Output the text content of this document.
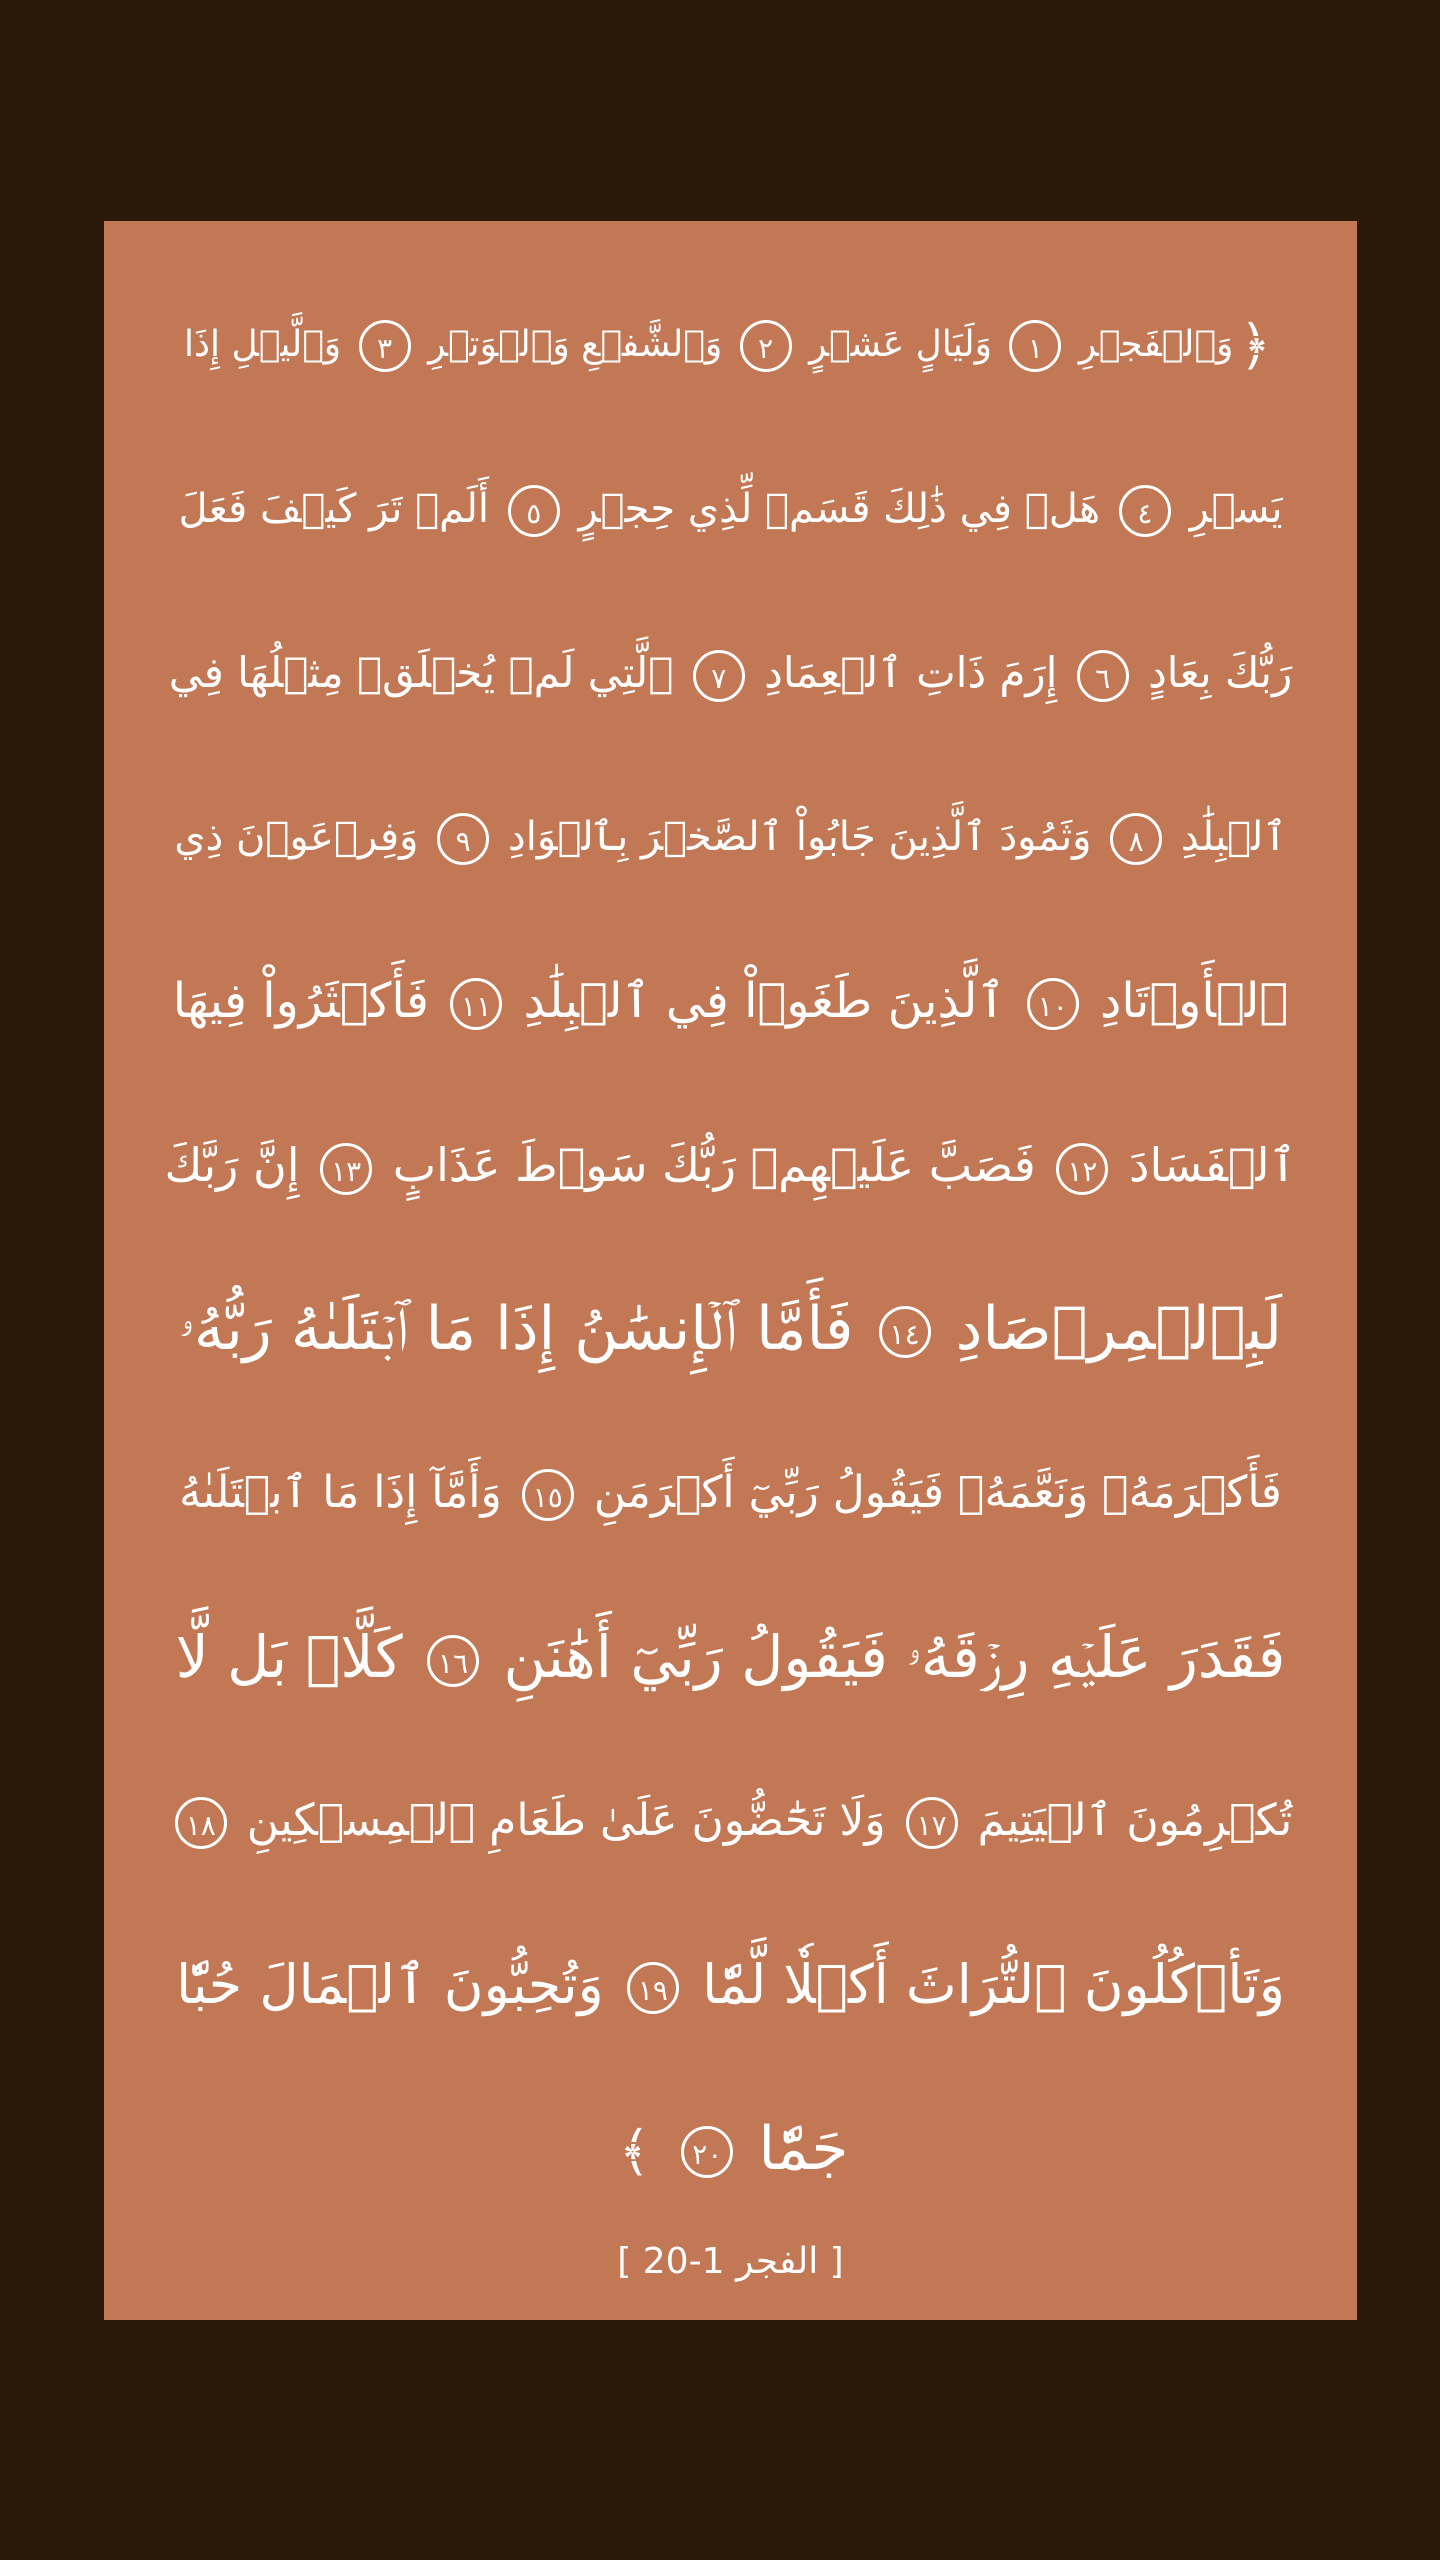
﴿وَٱلۡفَجۡرِ ١ وَلَيَالٍ عَشۡرٍ ٢ وَٱلشَّفۡعِ وَٱلۡوَتۡرِ ٣ وَٱلَّيۡلِ إِذَا
يَسۡرِ ٤ هَلۡ فِي ذَٰلِكَ قَسَمٞ لِّذِي حِجۡرٍ ٥ أَلَمۡ تَرَ كَيۡفَ فَعَلَ
رَبُّكَ بِعَادٍ ٦ إِرَمَ ذَاتِ ٱلۡعِمَادِ ٧ ٱلَّتِي لَمۡ يُخۡلَقۡ مِثۡلُهَا فِي
ٱلۡبِلَٰدِ ٨ وَثَمُودَ ٱلَّذِينَ جَابُواْ ٱلصَّخۡرَ بِٱلۡوَادِ ٩ وَفِرۡعَوۡنَ ذِي
ٱلۡأَوۡتَادِ ١٠ ٱلَّذِينَ طَغَوۡاْ فِي ٱلۡبِلَٰدِ ١١ فَأَكۡثَرُواْ فِيهَا
ٱلۡفَسَادَ ١٢ فَصَبَّ عَلَيۡهِمۡ رَبُّكَ سَوۡطَ عَذَابٍ ١٣ إِنَّ رَبَّكَ
لَبِٱلۡمِرۡصَادِ ١٤ فَأَمَّا ٱلۡإِنسَٰنُ إِذَا مَا ٱبۡتَلَىٰهُ رَبُّهُۥ
فَأَكۡرَمَهُۥ وَنَعَّمَهُۥ فَيَقُولُ رَبِّيٓ أَكۡرَمَنِ ١٥ وَأَمَّآ إِذَا مَا ٱبۡتَلَىٰهُ
فَقَدَرَ عَلَيۡهِ رِزۡقَهُۥ فَيَقُولُ رَبِّيٓ أَهَٰنَنِ ١٦ كَلَّاۖ بَل لَّا
تُكۡرِمُونَ ٱلۡيَتِيمَ ١٧ وَلَا تَحَٰٓضُّونَ عَلَىٰ طَعَامِ ٱلۡمِسۡكِينِ ١٨
وَتَأۡكُلُونَ ٱلتُّرَاثَ أَكۡلٗا لَّمّٗا ١٩ وَتُحِبُّونَ ٱلۡمَالَ حُبّٗا
جَمّٗا ٢٠ ﴾
[ الفجر 1-20 ]
